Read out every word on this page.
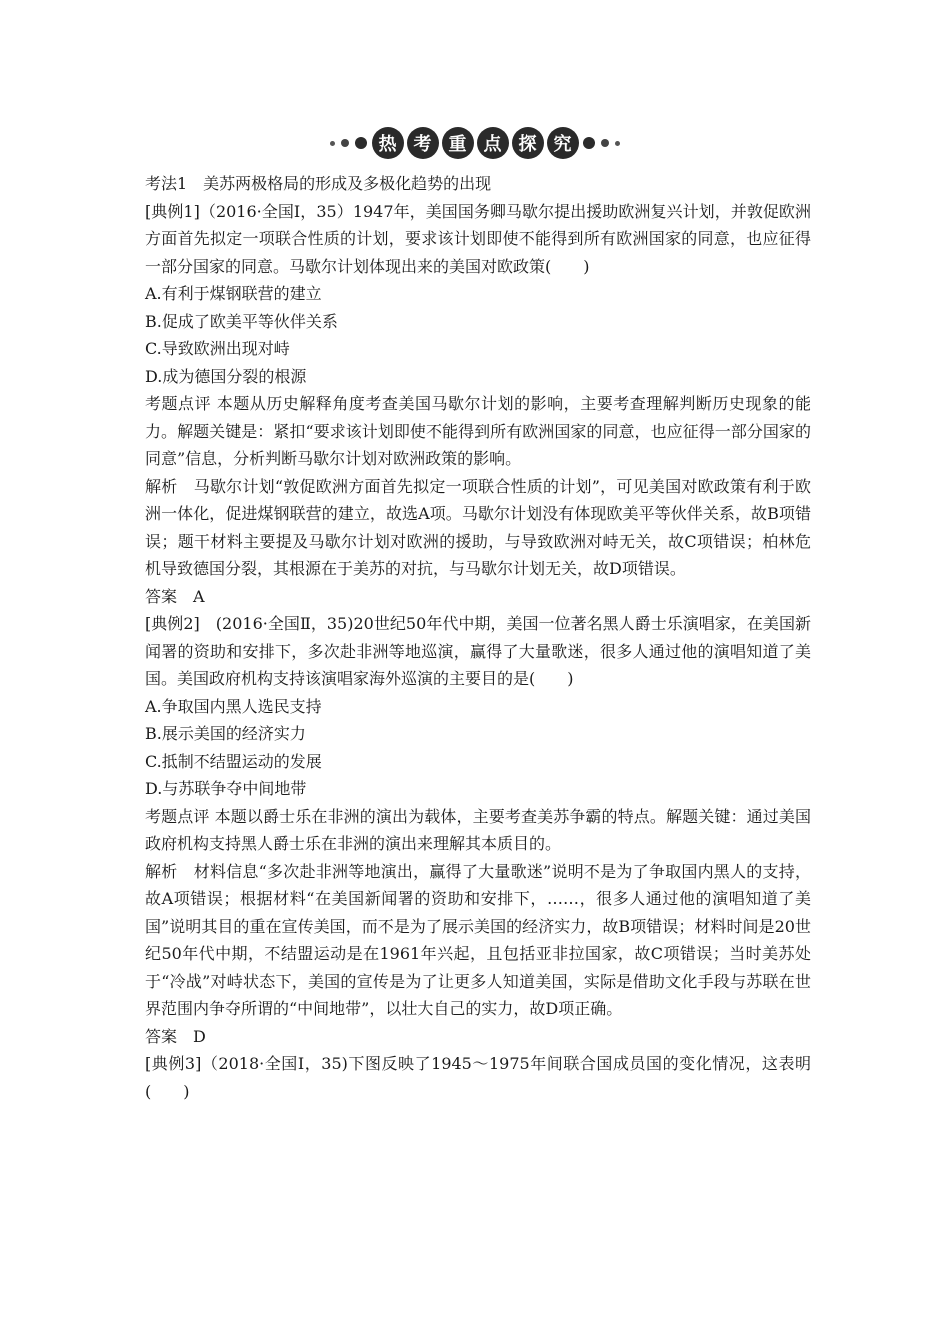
热 考 重 点 探 究

考法1　美苏两极格局的形成及多极化趋势的出现

[典例1]（2016·全国Ⅰ，35）1947年，美国国务卿马歇尔提出援助欧洲复兴计划，并敦促欧洲方面首先拟定一项联合性质的计划，要求该计划即使不能得到所有欧洲国家的同意，也应征得一部分国家的同意。马歇尔计划体现出来的美国对欧政策(　　)

A.有利于煤钢联营的建立

B.促成了欧美平等伙伴关系

C.导致欧洲出现对峙

D.成为德国分裂的根源

考题点评 本题从历史解释角度考查美国马歇尔计划的影响，主要考查理解判断历史现象的能力。解题关键是：紧扣“要求该计划即使不能得到所有欧洲国家的同意，也应征得一部分国家的同意”信息，分析判断马歇尔计划对欧洲政策的影响。

解析　马歇尔计划“敦促欧洲方面首先拟定一项联合性质的计划”，可见美国对欧政策有利于欧洲一体化，促进煤钢联营的建立，故选A项。马歇尔计划没有体现欧美平等伙伴关系，故B项错误；题干材料主要提及马歇尔计划对欧洲的援助，与导致欧洲对峙无关，故C项错误；柏林危机导致德国分裂，其根源在于美苏的对抗，与马歇尔计划无关，故D项错误。

答案　A

[典例2]　(2016·全国Ⅱ，35)20世纪50年代中期，美国一位著名黑人爵士乐演唱家，在美国新闻署的资助和安排下，多次赴非洲等地巡演，赢得了大量歌迷，很多人通过他的演唱知道了美国。美国政府机构支持该演唱家海外巡演的主要目的是(　　)

A.争取国内黑人选民支持

B.展示美国的经济实力

C.抵制不结盟运动的发展

D.与苏联争夺中间地带

考题点评 本题以爵士乐在非洲的演出为载体，主要考查美苏争霸的特点。解题关键：通过美国政府机构支持黑人爵士乐在非洲的演出来理解其本质目的。

解析　材料信息“多次赴非洲等地演出，赢得了大量歌迷”说明不是为了争取国内黑人的支持，故A项错误；根据材料“在美国新闻署的资助和安排下，……，很多人通过他的演唱知道了美国”说明其目的重在宣传美国，而不是为了展示美国的经济实力，故B项错误；材料时间是20世纪50年代中期，不结盟运动是在1961年兴起，且包括亚非拉国家，故C项错误；当时美苏处于“冷战”对峙状态下，美国的宣传是为了让更多人知道美国，实际是借助文化手段与苏联在世界范围内争夺所谓的“中间地带”，以壮大自己的实力，故D项正确。

答案　D

[典例3]（2018·全国Ⅰ，35)下图反映了1945～1975年间联合国成员国的变化情况，这表明(　　)
